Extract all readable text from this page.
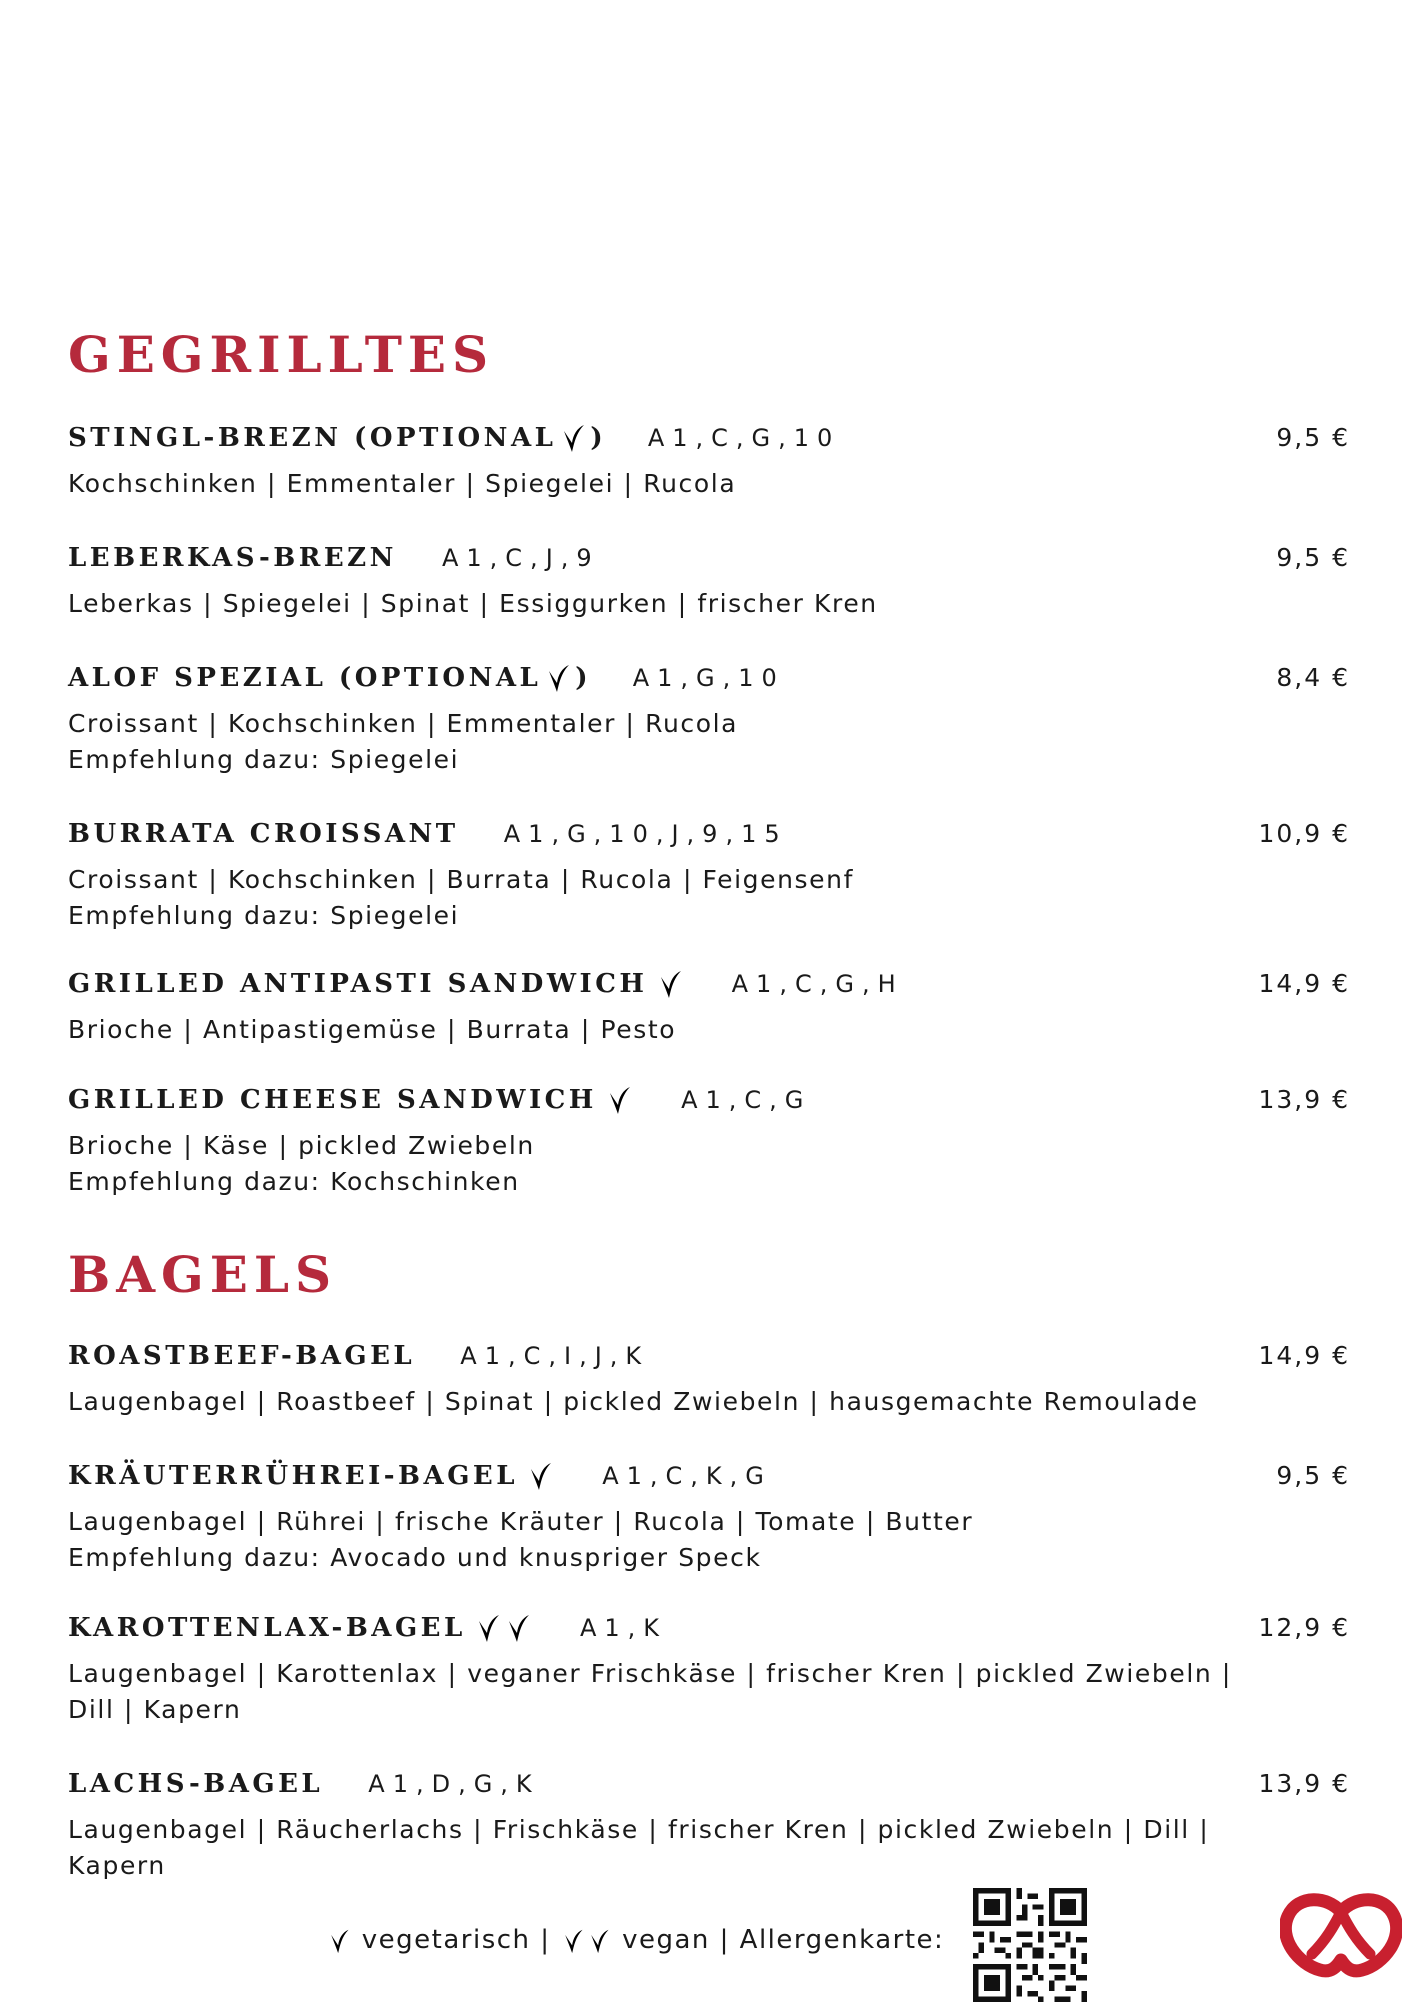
GEGRILLTES
STINGL-BREZN (OPTIONAL ) A1,C,G,10	9,5 €
Kochschinken | Emmentaler | Spiegelei | Rucola
LEBERKAS-BREZN A1,C,J,9	9,5 €
Leberkas | Spiegelei | Spinat | Essiggurken | frischer Kren
ALOF SPEZIAL (OPTIONAL ) A1,G,10	8,4 €
Croissant | Kochschinken | Emmentaler | Rucola
Empfehlung dazu: Spiegelei
BURRATA CROISSANT A1,G,10,J,9,15	10,9 €
Croissant | Kochschinken | Burrata | Rucola | Feigensenf
Empfehlung dazu: Spiegelei
GRILLED ANTIPASTI SANDWICH	A1,C,G,H	14,9 €
Brioche | Antipastigemüse | Burrata | Pesto
GRILLED CHEESE SANDWICH	A1,C,G	13,9 €
Brioche | Käse | pickled Zwiebeln
Empfehlung dazu: Kochschinken
BAGELS
ROASTBEEF-BAGEL A1,C,I,J,K	14,9 €
Laugenbagel | Roastbeef | Spinat | pickled Zwiebeln | hausgemachte Remoulade
KRÄUTERRÜHREI-BAGEL	A1,C,K,G	9,5 €
Laugenbagel | Rührei | frische Kräuter | Rucola | Tomate | Butter
Empfehlung dazu: Avocado und knuspriger Speck
KAROTTENLAX-BAGEL	A1,K	12,9 €
Laugenbagel | Karottenlax | veganer Frischkäse | frischer Kren | pickled Zwiebeln |
Dill | Kapern
LACHS-BAGEL A1,D,G,K	13,9 €
Laugenbagel | Räucherlachs | Frischkäse | frischer Kren | pickled Zwiebeln | Dill |
Kapern
vegetarisch |	vegan | Allergenkarte:
